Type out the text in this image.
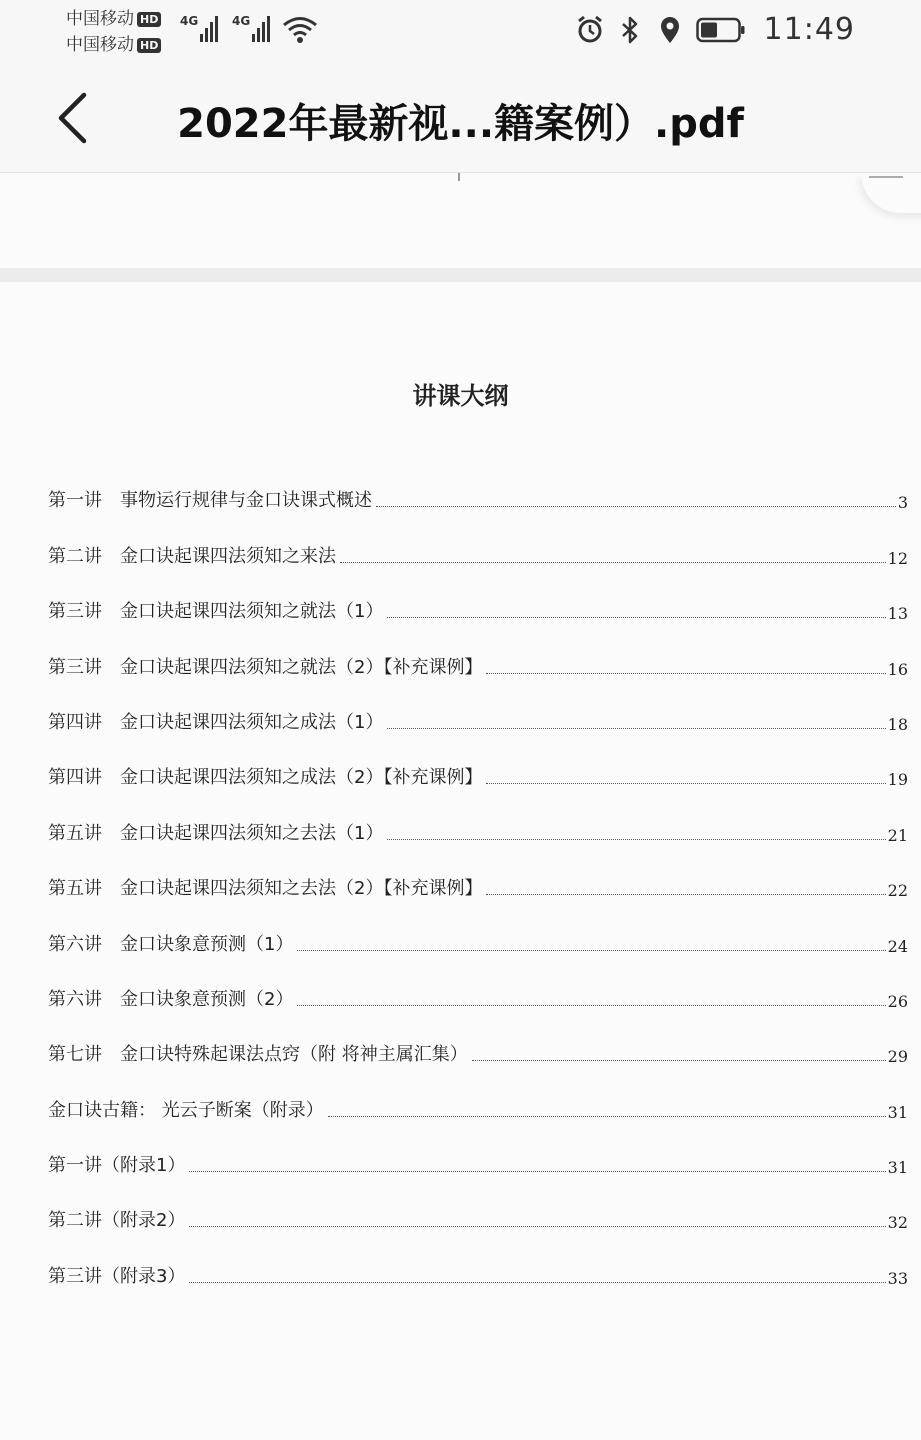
中国移动 HD
中国移动 HD
4G	4G	11:49
2022年最新视...籍案例）.pdf
讲课大纲
第一讲　事物运行规律与金口诀课式概述	3
第二讲　金口诀起课四法须知之来法	12
第三讲　金口诀起课四法须知之就法（1）	13
第三讲　金口诀起课四法须知之就法（2）【补充课例】	16
第四讲　金口诀起课四法须知之成法（1）	18
第四讲　金口诀起课四法须知之成法（2）【补充课例】	19
第五讲　金口诀起课四法须知之去法（1）	21
第五讲　金口诀起课四法须知之去法（2）【补充课例】	22
第六讲　金口诀象意预测（1）	24
第六讲　金口诀象意预测（2）	26
第七讲　金口诀特殊起课法点窍（附 将神主属汇集）	29
金口诀古籍： 光云子断案（附录）	31
第一讲（附录1）	31
第二讲（附录2）	32
第三讲（附录3）	33
